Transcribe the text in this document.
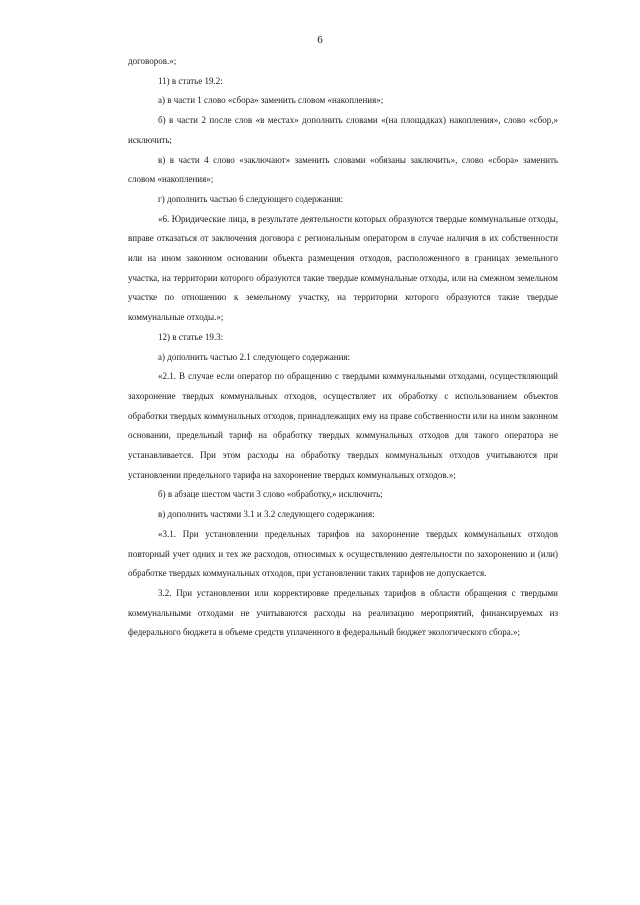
6

договоров.»;

11) в статье 19.2:

а) в части 1 слово «сбора» заменить словом «накопления»;

б) в части 2 после слов «в местах» дополнить словами «(на площадках) накопления», слово «сбор,» исключить;

в) в части 4 слово «заключают» заменить словами «обязаны заключить», слово «сбора» заменить словом «накопления»;

г) дополнить частью 6 следующего содержания:

«6. Юридические лица, в результате деятельности которых образуются твердые коммунальные отходы, вправе отказаться от заключения договора с региональным оператором в случае наличия в их собственности или на ином законном основании объекта размещения отходов, расположенного в границах земельного участка, на территории которого образуются такие твердые коммунальные отходы, или на смежном земельном участке по отношению к земельному участку, на территории которого образуются такие твердые коммунальные отходы.»;

12) в статье 19.3:

а) дополнить частью 2.1 следующего содержания:

«2.1. В случае если оператор по обращению с твердыми коммунальными отходами, осуществляющий захоронение твердых коммунальных отходов, осуществляет их обработку с использованием объектов обработки твердых коммунальных отходов, принадлежащих ему на праве собственности или на ином законном основании, предельный тариф на обработку твердых коммунальных отходов для такого оператора не устанавливается. При этом расходы на обработку твердых коммунальных отходов учитываются при установлении предельного тарифа на захоронение твердых коммунальных отходов.»;

б) в абзаце шестом части 3 слово «обработку,» исключить;

в) дополнить частями 3.1 и 3.2 следующего содержания:

«3.1. При установлении предельных тарифов на захоронение твердых коммунальных отходов повторный учет одних и тех же расходов, относимых к осуществлению деятельности по захоронению и (или) обработке твердых коммунальных отходов, при установлении таких тарифов не допускается.

3.2. При установлении или корректировке предельных тарифов в области обращения с твердыми коммунальными отходами не учитываются расходы на реализацию мероприятий, финансируемых из федерального бюджета в объеме средств уплаченного в федеральный бюджет экологического сбора.»;
